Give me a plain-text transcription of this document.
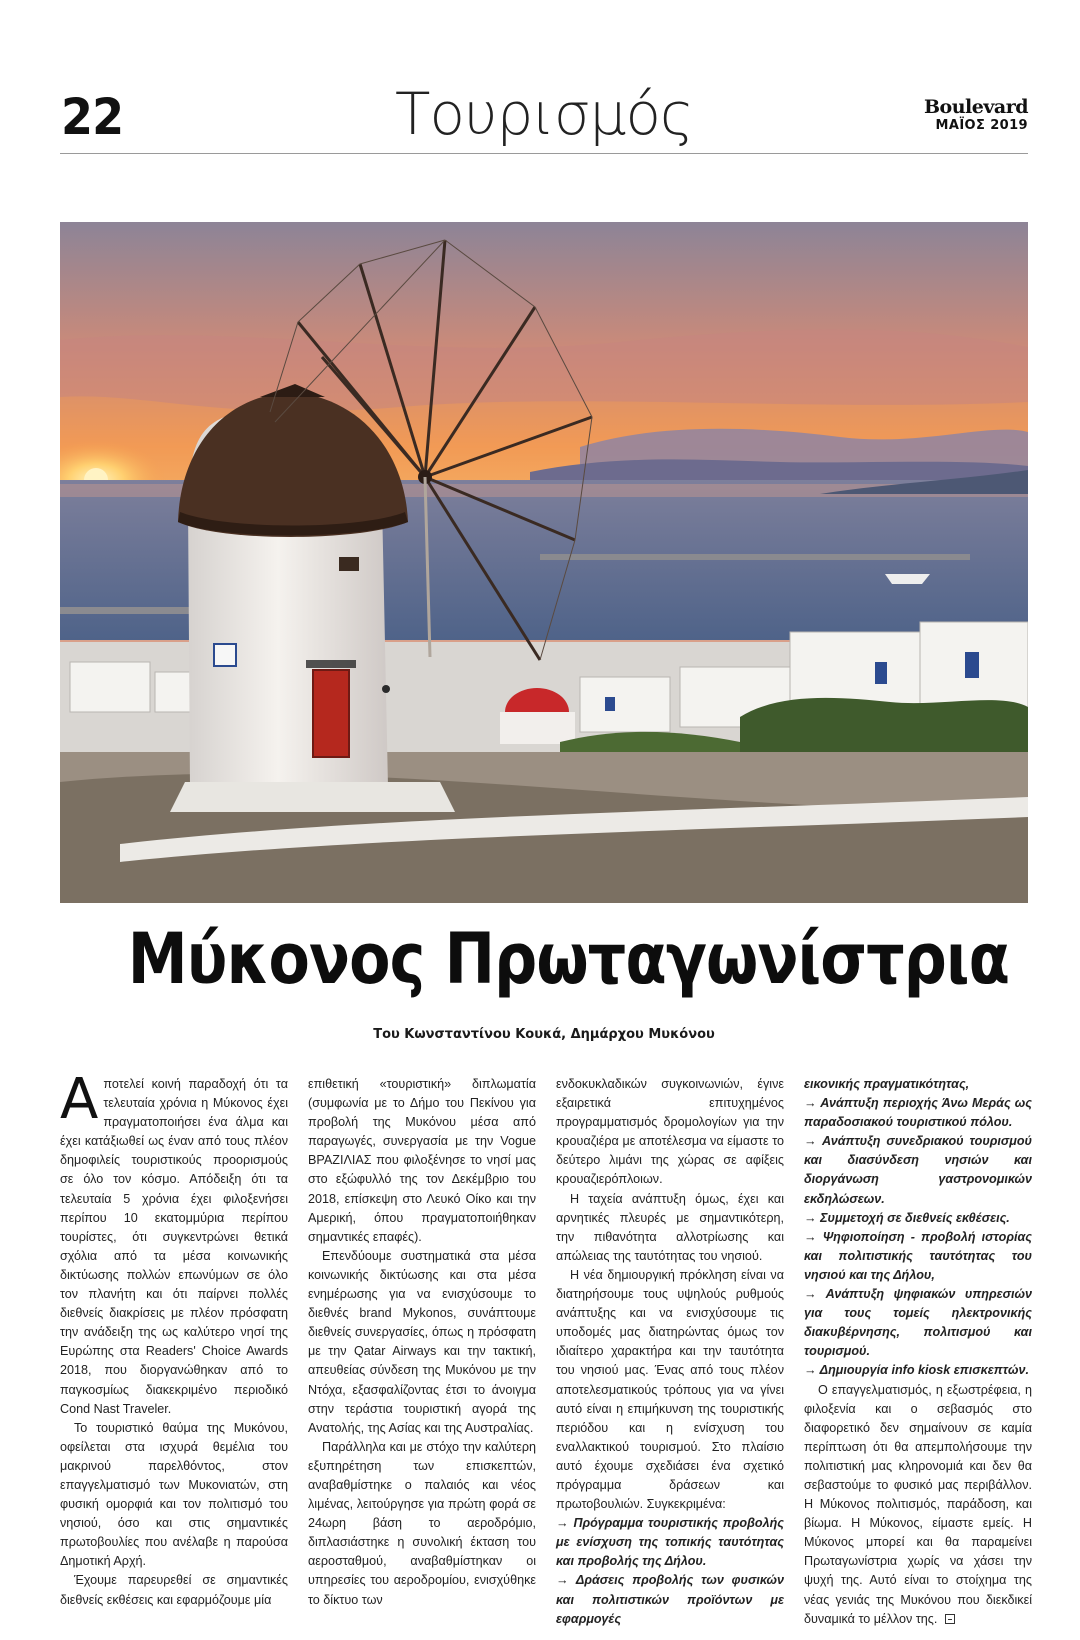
22	Τουρισμός	Boulevard
ΜΑΪΟΣ 2019
Μύκονος Πρωταγωνίστρια
Του Κωνσταντίνου Κουκά, Δημάρχου Μυκόνου

Αποτελεί κοινή παραδοχή ότι τα τελευταία χρόνια η Μύκονος έχει πραγματοποιήσει ένα άλμα και έχει κατάξιωθεί ως έναν από τους πλέον δημοφιλείς τουριστικούς προορισμούς σε όλο τον κόσμο. Απόδειξη ότι τα τελευταία 5 χρόνια έχει φιλοξενήσει περίπου 10 εκατομμύρια περίπου τουρίστες, ότι συγκεντρώνει θετικά σχόλια από τα μέσα κοινωνικής δικτύωσης πολλών επωνύμων σε όλο τον πλανήτη και ότι παίρνει πολλές διεθνείς διακρίσεις με πλέον πρόσφατη την ανάδειξη της ως καλύτερο νησί της Ευρώπης στα Readers' Choice Awards 2018, που διοργανώθηκαν από το παγκοσμίως διακεκριμένο περιοδικό Cond Nast Traveler.

Το τουριστικό θαύμα της Μυκόνου, οφείλεται στα ισχυρά θεμέλια του μακρινού παρελθόντος, στον επαγγελματισμό των Μυκονιατών, στη φυσική ομορφιά και τον πολιτισμό του νησιού, όσο και στις σημαντικές πρωτοβουλίες που ανέλαβε η παρούσα Δημοτική Αρχή.

Έχουμε παρευρεθεί σε σημαντικές διεθνείς εκθέσεις και εφαρμόζουμε μία

επιθετική «τουριστική» διπλωματία (συμφωνία με το Δήμο του Πεκίνου για προβολή της Μυκόνου μέσα από παραγωγές, συνεργασία με την Vogue ΒΡΑΖΙΛΙΑΣ που φιλοξένησε το νησί μας στο εξώφυλλό της τον Δεκέμβριο του 2018, επίσκεψη στο Λευκό Οίκο και την Αμερική, όπου πραγματοποιήθηκαν σημαντικές επαφές).

Επενδύουμε συστηματικά στα μέσα κοινωνικής δικτύωσης και στα μέσα ενημέρωσης για να ενισχύσουμε το διεθνές brand Mykonos, συνάπτουμε διεθνείς συνεργασίες, όπως η πρόσφατη με την Qatar Airways και την τακτική, απευθείας σύνδεση της Μυκόνου με την Ντόχα, εξασφαλίζοντας έτσι το άνοιγμα στην τεράστια τουριστική αγορά της Ανατολής, της Ασίας και της Αυστραλίας.

Παράλληλα και με στόχο την καλύτερη εξυπηρέτηση των επισκεπτών, αναβαθμίστηκε ο παλαιός και νέος λιμένας, λειτούργησε για πρώτη φορά σε 24ωρη βάση το αεροδρόμιο, διπλασιάστηκε η συνολική έκταση του αεροσταθμού, αναβαθμίστηκαν οι υπηρεσίες του αεροδρομίου, ενισχύθηκε το δίκτυο των

ενδοκυκλαδικών συγκοινωνιών, έγινε εξαιρετικά επιτυχημένος προγραμματισμός δρομολογίων για την κρουαζιέρα με αποτέλεσμα να είμαστε το δεύτερο λιμάνι της χώρας σε αφίξεις κρουαζιερόπλοιων.

Η ταχεία ανάπτυξη όμως, έχει και αρνητικές πλευρές με σημαντικότερη, την πιθανότητα αλλοτρίωσης και απώλειας της ταυτότητας του νησιού.

Η νέα δημιουργική πρόκληση είναι να διατηρήσουμε τους υψηλούς ρυθμούς ανάπτυξης και να ενισχύσουμε τις υποδομές μας διατηρώντας όμως τον ιδιαίτερο χαρακτήρα και την ταυτότητα του νησιού μας. Ένας από τους πλέον αποτελεσματικούς τρόπους για να γίνει αυτό είναι η επιμήκυνση της τουριστικής περιόδου και η ενίσχυση του εναλλακτικού τουρισμού. Στο πλαίσιο αυτό έχουμε σχεδιάσει ένα σχετικό πρόγραμμα δράσεων και πρωτοβουλιών. Συγκεκριμένα:

→ Πρόγραμμα τουριστικής προβολής με ενίσχυση της τοπικής ταυτότητας και προβολής της Δήλου.

→ Δράσεις προβολής των φυσικών και πολιτιστικών προϊόντων με εφαρμογές

εικονικής πραγματικότητας,

→ Ανάπτυξη περιοχής Άνω Μεράς ως παραδοσιακού τουριστικού πόλου.

→ Ανάπτυξη συνεδριακού τουρισμού και διασύνδεση νησιών και διοργάνωση γαστρονομικών εκδηλώσεων.

→ Συμμετοχή σε διεθνείς εκθέσεις.

→ Ψηφιοποίηση - προβολή ιστορίας και πολιτιστικής ταυτότητας του νησιού και της Δήλου,

→ Ανάπτυξη ψηφιακών υπηρεσιών για τους τομείς ηλεκτρονικής διακυβέρνησης, πολιτισμού και τουρισμού.

→ Δημιουργία info kiosk επισκεπτών.

Ο επαγγελματισμός, η εξωστρέφεια, η φιλοξενία και ο σεβασμός στο διαφορετικό δεν σημαίνουν σε καμία περίπτωση ότι θα απεμπολήσουμε την πολιτιστική μας κληρονομιά και δεν θα σεβαστούμε το φυσικό μας περιβάλλον. Η Μύκονος πολιτισμός, παράδοση, και βίωμα. Η Μύκονος, είμαστε εμείς. Η Μύκονος μπορεί και θα παραμείνει Πρωταγωνίστρια χωρίς να χάσει την ψυχή της. Αυτό είναι το στοίχημα της νέας γενιάς της Μυκόνου που διεκδικεί δυναμικά το μέλλον της.
